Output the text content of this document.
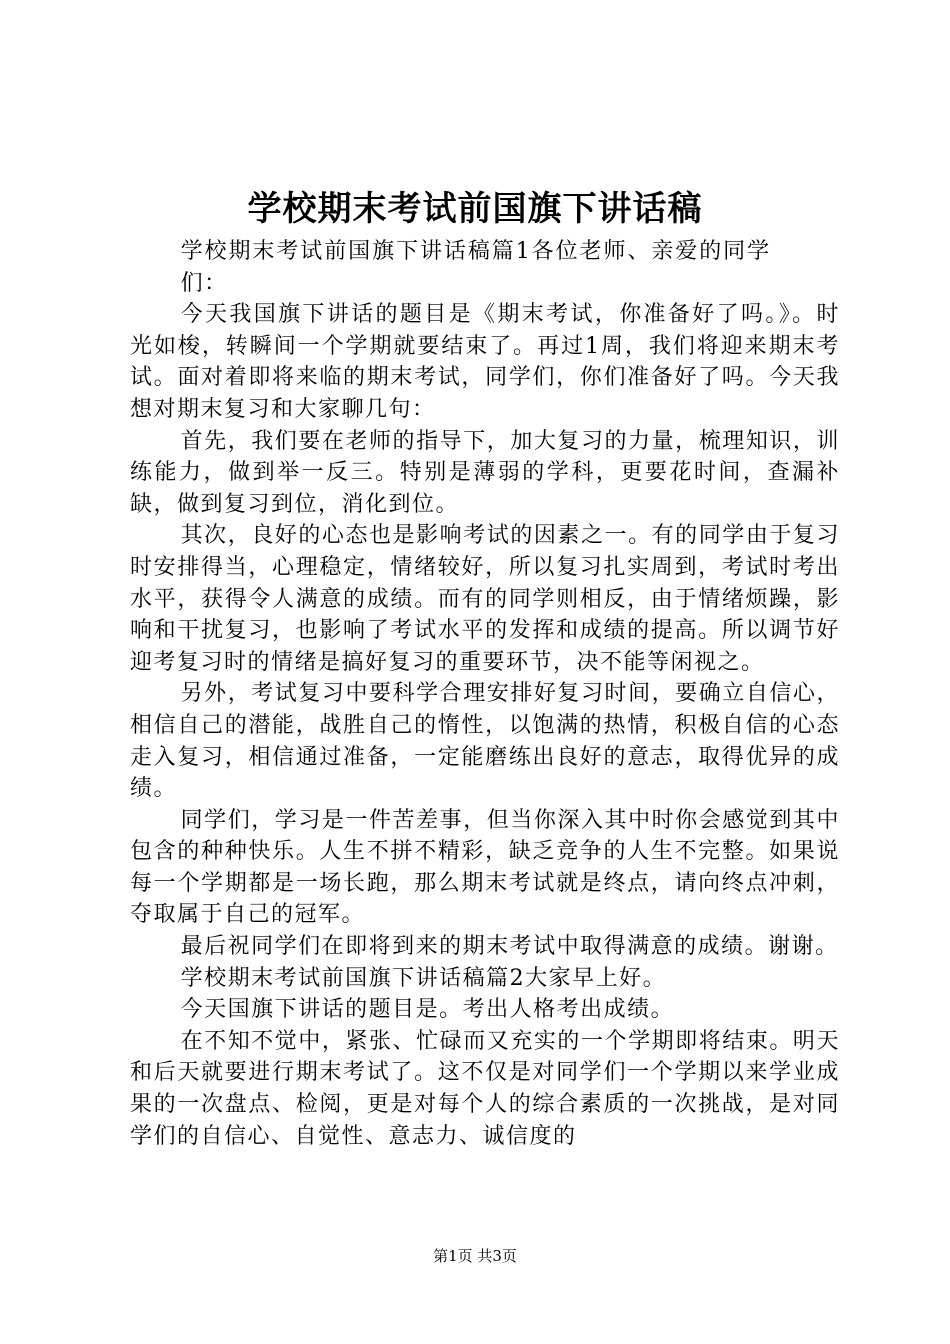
学校期末考试前国旗下讲话稿

学校期末考试前国旗下讲话稿篇1各位老师、亲爱的同学们：

今天我国旗下讲话的题目是《期末考试，你准备好了吗。》。时光如梭，转瞬间一个学期就要结束了。再过1周，我们将迎来期末考试。面对着即将来临的期末考试，同学们，你们准备好了吗。今天我想对期末复习和大家聊几句：

首先，我们要在老师的指导下，加大复习的力量，梳理知识，训练能力，做到举一反三。特别是薄弱的学科，更要花时间，查漏补缺，做到复习到位，消化到位。

其次，良好的心态也是影响考试的因素之一。有的同学由于复习时安排得当，心理稳定，情绪较好，所以复习扎实周到，考试时考出水平，获得令人满意的成绩。而有的同学则相反，由于情绪烦躁，影响和干扰复习，也影响了考试水平的发挥和成绩的提高。所以调节好迎考复习时的情绪是搞好复习的重要环节，决不能等闲视之。

另外，考试复习中要科学合理安排好复习时间，要确立自信心，相信自己的潜能，战胜自己的惰性，以饱满的热情，积极自信的心态走入复习，相信通过准备，一定能磨练出良好的意志，取得优异的成绩。

同学们，学习是一件苦差事，但当你深入其中时你会感觉到其中包含的种种快乐。人生不拼不精彩，缺乏竞争的人生不完整。如果说每一个学期都是一场长跑，那么期末考试就是终点，请向终点冲刺，夺取属于自己的冠军。

最后祝同学们在即将到来的期末考试中取得满意的成绩。谢谢。

学校期末考试前国旗下讲话稿篇2大家早上好。

今天国旗下讲话的题目是。考出人格考出成绩。

在不知不觉中，紧张、忙碌而又充实的一个学期即将结束。明天和后天就要进行期末考试了。这不仅是对同学们一个学期以来学业成果的一次盘点、检阅，更是对每个人的综合素质的一次挑战，是对同学们的自信心、自觉性、意志力、诚信度的

第1页 共3页
